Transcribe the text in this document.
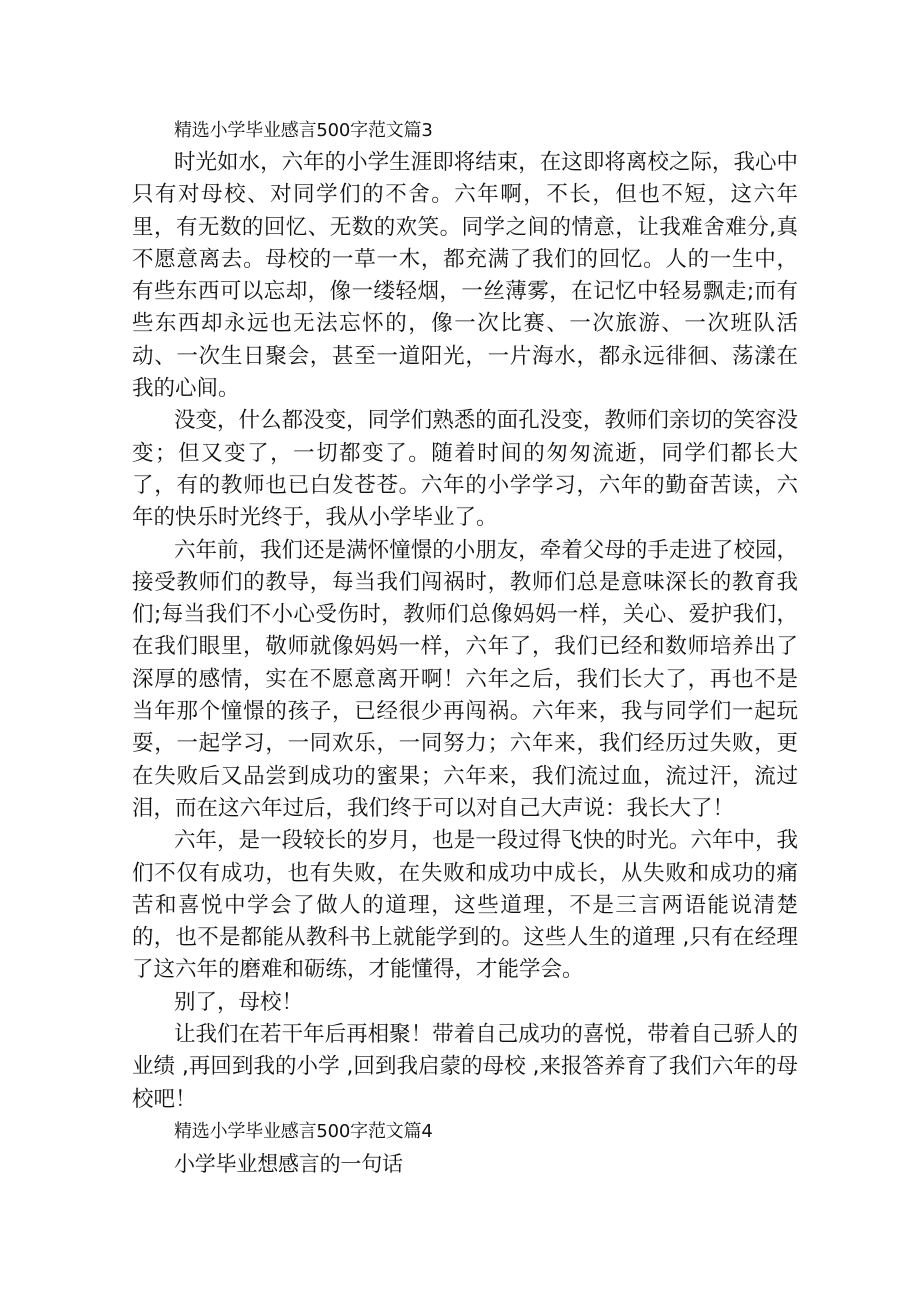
精选小学毕业感言500字范文篇3

时光如水，六年的小学生涯即将结束，在这即将离校之际，我心中只有对母校、对同学们的不舍。六年啊，不长，但也不短，这六年里，有无数的回忆、无数的欢笑。同学之间的情意，让我难舍难分,真不愿意离去。母校的一草一木，都充满了我们的回忆。人的一生中，有些东西可以忘却，像一缕轻烟，一丝薄雾，在记忆中轻易飘走;而有些东西却永远也无法忘怀的，像一次比赛、一次旅游、一次班队活动、一次生日聚会，甚至一道阳光，一片海水，都永远徘徊、荡漾在我的心间。

没变，什么都没变，同学们熟悉的面孔没变，教师们亲切的笑容没变；但又变了，一切都变了。随着时间的匆匆流逝，同学们都长大了，有的教师也已白发苍苍。六年的小学学习，六年的勤奋苦读，六年的快乐时光终于，我从小学毕业了。

六年前，我们还是满怀憧憬的小朋友，牵着父母的手走进了校园，接受教师们的教导，每当我们闯祸时，教师们总是意味深长的教育我们;每当我们不小心受伤时，教师们总像妈妈一样，关心、爱护我们，在我们眼里，敬师就像妈妈一样，六年了，我们已经和数师培养出了深厚的感情，实在不愿意离开啊！六年之后，我们长大了，再也不是当年那个憧憬的孩子，已经很少再闯祸。六年来，我与同学们一起玩耍，一起学习，一同欢乐，一同努力；六年来，我们经历过失败，更在失败后又品尝到成功的蜜果；六年来，我们流过血，流过汗，流过泪，而在这六年过后，我们终于可以对自己大声说：我长大了！

六年，是一段较长的岁月，也是一段过得飞快的时光。六年中，我们不仅有成功，也有失败，在失败和成功中成长，从失败和成功的痛苦和喜悦中学会了做人的道理，这些道理，不是三言两语能说清楚的，也不是都能从教科书上就能学到的。这些人生的道理 ,只有在经理了这六年的磨难和砺练，才能懂得，才能学会。

别了，母校！

让我们在若干年后再相聚！带着自己成功的喜悦，带着自己骄人的业绩 ,再回到我的小学 ,回到我启蒙的母校 ,来报答养育了我们六年的母校吧！

精选小学毕业感言500字范文篇4

小学毕业想感言的一句话
